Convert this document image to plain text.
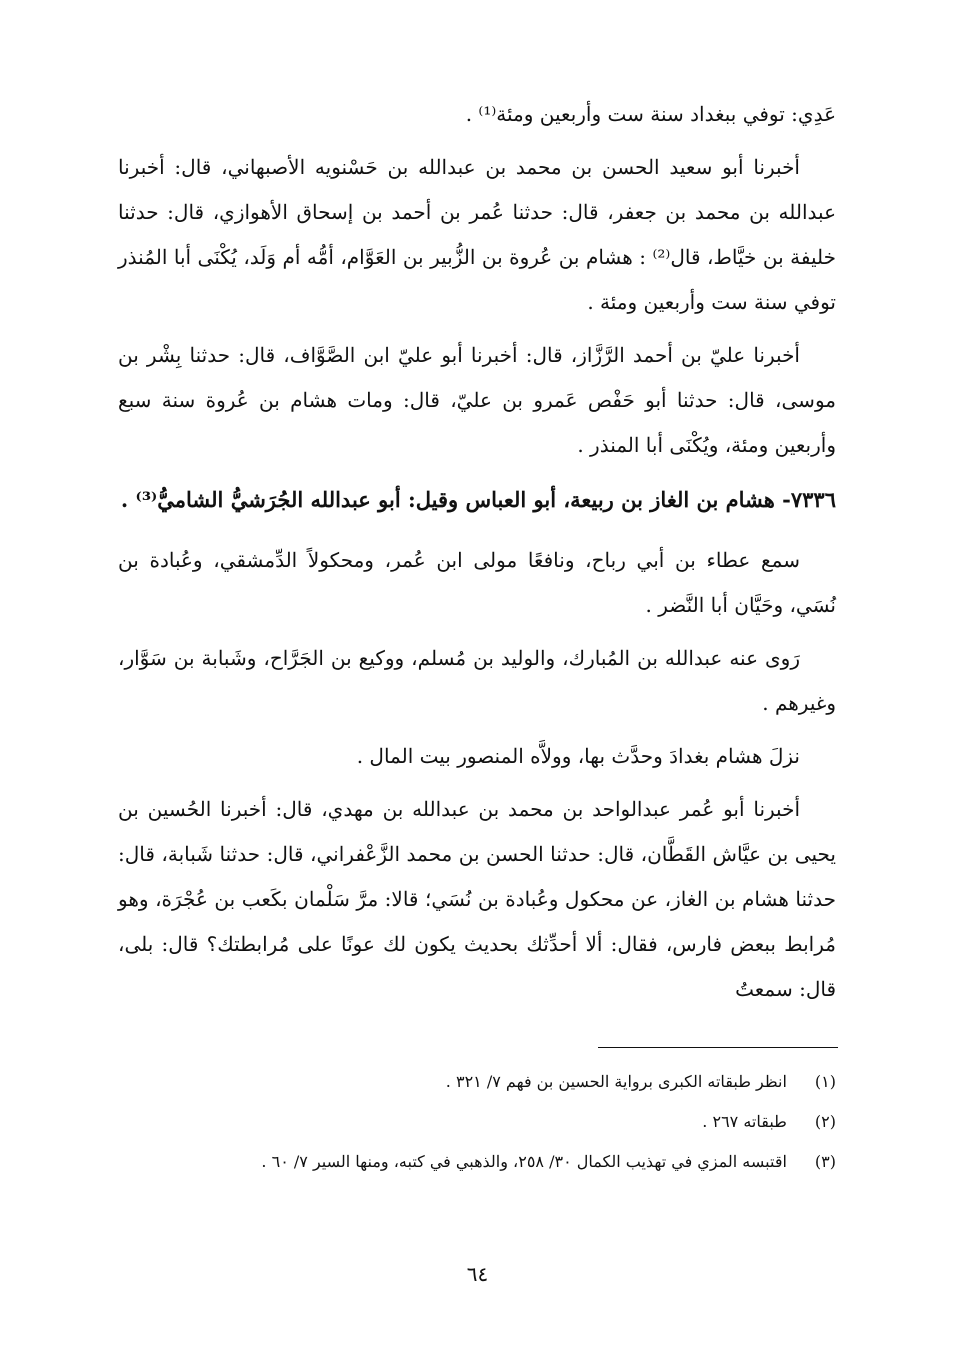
عَدِي: توفي ببغداد سنة ست وأربعين ومئة⁽¹⁾ .

أخبرنا أبو سعيد الحسن بن محمد بن عبدالله بن حَسْنويه الأصبهاني، قال: أخبرنا عبدالله بن محمد بن جعفر، قال: حدثنا عُمر بن أحمد بن إسحاق الأهوازي، قال: حدثنا خليفة بن خيَّاط، قال⁽²⁾ : هشام بن عُروة بن الزُّبير بن العَوَّام، أمُّه أم وَلَد، يُكْنَى أبا المُنذر توفي سنة ست وأربعين ومئة .

أخبرنا عليّ بن أحمد الرَّزَّاز، قال: أخبرنا أبو عليّ ابن الصَّوَّاف، قال: حدثنا بِشْر بن موسى، قال: حدثنا أبو حَفْص عَمرو بن عليّ، قال: ومات هشام بن عُروة سنة سبع وأربعين ومئة، ويُكْنَى أبا المنذر .

٧٣٣٦- هشام بن الغاز بن ربيعة، أبو العباس وقيل: أبو عبدالله الجُرَشيُّ الشاميُّ⁽³⁾ .

سمع عطاء بن أبي رباح، ونافعًا مولى ابن عُمر، ومحكولاً الدِّمشقي، وعُبادة بن نُسَي، وحَيَّان أبا النَّضر .

رَوى عنه عبدالله بن المُبارك، والوليد بن مُسلم، ووكيع بن الجَرَّاح، وشَبابة بن سَوَّار، وغيرهم .

نزلَ هشام بغدادَ وحدَّث بها، وولاَّه المنصور بيت المال .

أخبرنا أبو عُمر عبدالواحد بن محمد بن عبدالله بن مهدي، قال: أخبرنا الحُسين بن يحيى بن عيَّاش القَطَّان، قال: حدثنا الحسن بن محمد الزَّعْفراني، قال: حدثنا شَبابة، قال: حدثنا هشام بن الغاز، عن محكول وعُبادة بن نُسَي؛ قالا: مرَّ سَلْمان بكَعب بن عُجْرَة، وهو مُرابط ببعض فارس، فقال: ألا أحدِّثك بحديث يكون لك عونًا على مُرابطتك؟ قال: بلى، قال: سمعتُ

(١) انظر طبقاته الكبرى برواية الحسين بن فهم ٧/ ٣٢١ .
(٢) طبقاته ٢٦٧ .
(٣) اقتبسه المزي في تهذيب الكمال ٣٠/ ٢٥٨، والذهبي في كتبه، ومنها السير ٧/ ٦٠ .
٦٤
